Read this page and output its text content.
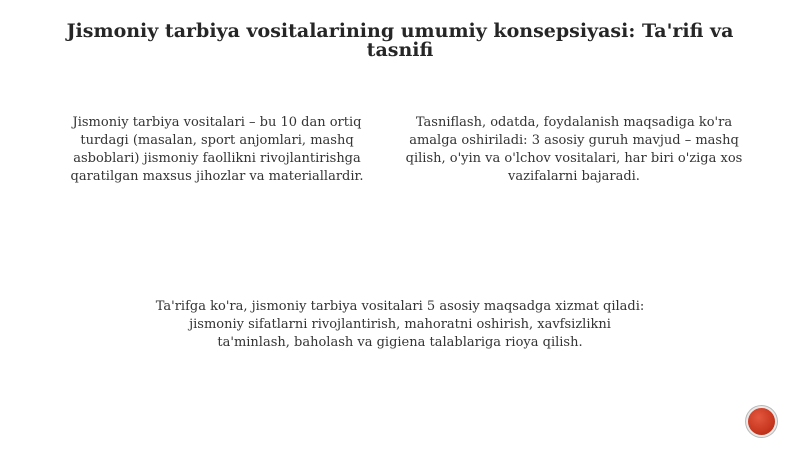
Jismoniy tarbiya vositalarining umumiy konsepsiyasi: Ta'rifi va tasnifi
Jismoniy tarbiya vositalari – bu 10 dan ortiq turdagi (masalan, sport anjomlari, mashq asboblari) jismoniy faollikni rivojlantirishga qaratilgan maxsus jihozlar va materiallardir.
Tasniflash, odatda, foydalanish maqsadiga ko'ra amalga oshiriladi: 3 asosiy guruh mavjud – mashq qilish, o'yin va o'lchov vositalari, har biri o'ziga xos vazifalarni bajaradi.
Ta'rifga ko'ra, jismoniy tarbiya vositalari 5 asosiy maqsadga xizmat qiladi: jismoniy sifatlarni rivojlantirish, mahoratni oshirish, xavfsizlikni ta'minlash, baholash va gigiena talablariga rioya qilish.
